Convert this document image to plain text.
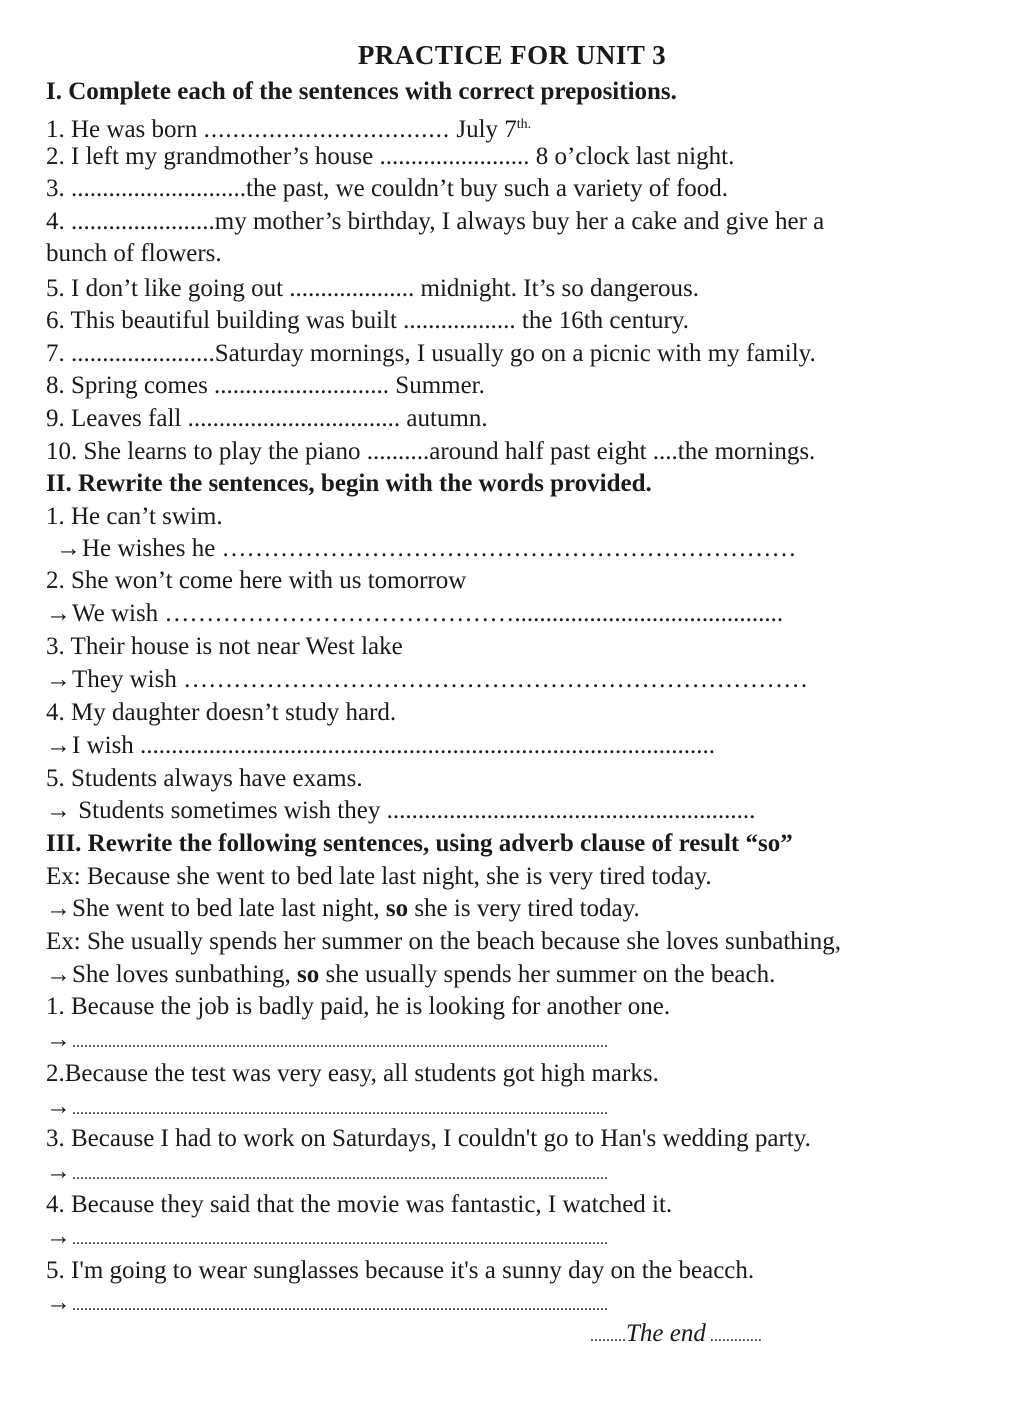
PRACTICE FOR UNIT 3
I. Complete each of the sentences with correct prepositions.
1. He was born .................................. July $7^{th.}$
2. I left my grandmother’s house ........................ 8 o’clock last night.
3. ............................the past, we couldn’t buy such a variety of food.
4. .......................my mother’s birthday, I always buy her a cake and give her a
bunch of flowers.
5. I don’t like going out .................... midnight. It’s so dangerous.
6. This beautiful building was built .................. the 16th century.
7. .......................Saturday mornings, I usually go on a picnic with my family.
8. Spring comes ............................ Summer.
9. Leaves fall .................................. autumn.
10. She learns to play the piano ..........around half past eight ....the mornings.
II. Rewrite the sentences, begin with the words provided.
1. He can’t swim.
→He wishes he ……………………………………………………………
2. She won’t come here with us tomorrow
→We wish ……………………………………...........................................
3. Their house is not near West lake
→They wish …………………………………………………………………
4. My daughter doesn’t study hard.
→I wish ............................................................................................
5. Students always have exams.
→ Students sometimes wish they ...........................................................
III. Rewrite the following sentences, using adverb clause of result “so”
Ex: Because she went to bed late last night, she is very tired today.
→She went to bed late last night, so she is very tired today.
Ex: She usually spends her summer on the beach because she loves sunbathing,
→She loves sunbathing, so she usually spends her summer on the beach.
1. Because the job is badly paid, he is looking for another one.
→......................................................................................................................................
2.Because the test was very easy, all students got high marks.
→......................................................................................................................................
3. Because I had to work on Saturdays, I couldn't go to Han's wedding party.
→......................................................................................................................................
4. Because they said that the movie was fantastic, I watched it.
→......................................................................................................................................
5. I'm going to wear sunglasses because it's a sunny day on the beacch.
→......................................................................................................................................
.........The end .............
